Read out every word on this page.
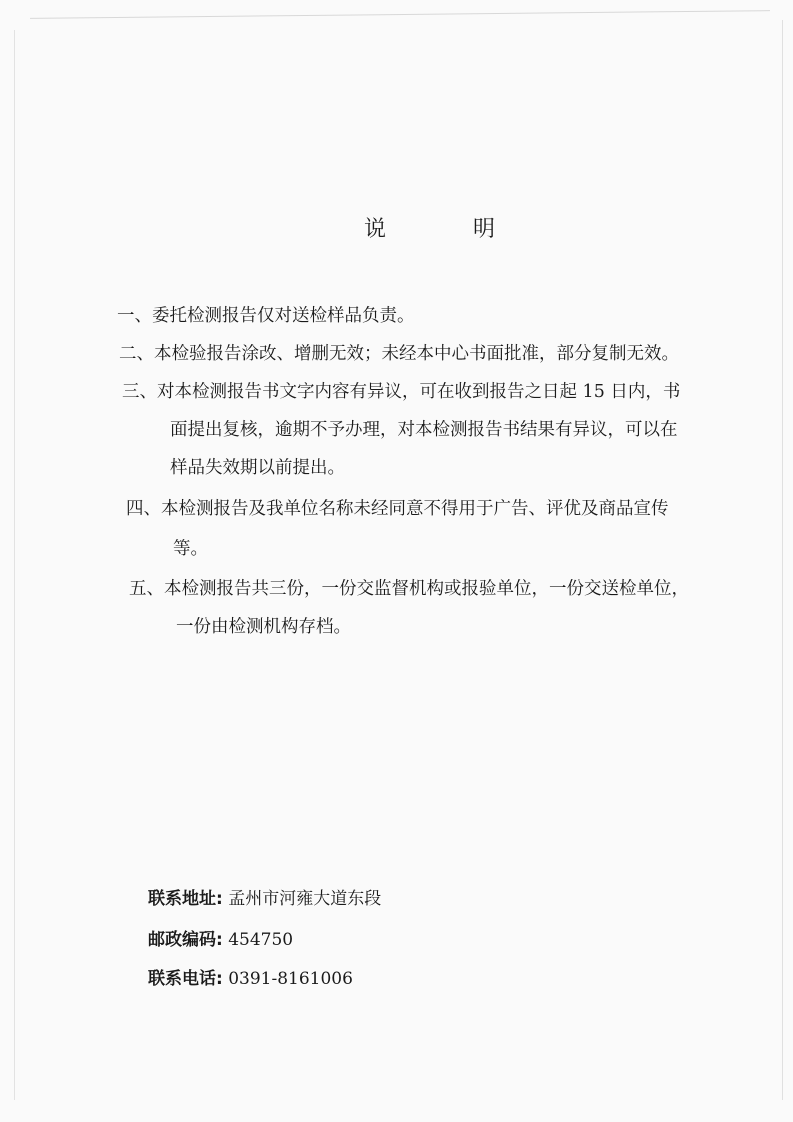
说 明
一、委托检测报告仅对送检样品负责。
二、本检验报告涂改、增删无效；未经本中心书面批准，部分复制无效。
三、对本检测报告书文字内容有异议，可在收到报告之日起 15 日内，书
面提出复核，逾期不予办理，对本检测报告书结果有异议，可以在
样品失效期以前提出。
四、本检测报告及我单位名称未经同意不得用于广告、评优及商品宣传
等。
五、本检测报告共三份，一份交监督机构或报验单位，一份交送检单位，
一份由检测机构存档。
联系地址: 孟州市河雍大道东段
邮政编码: 454750
联系电话: 0391-8161006
